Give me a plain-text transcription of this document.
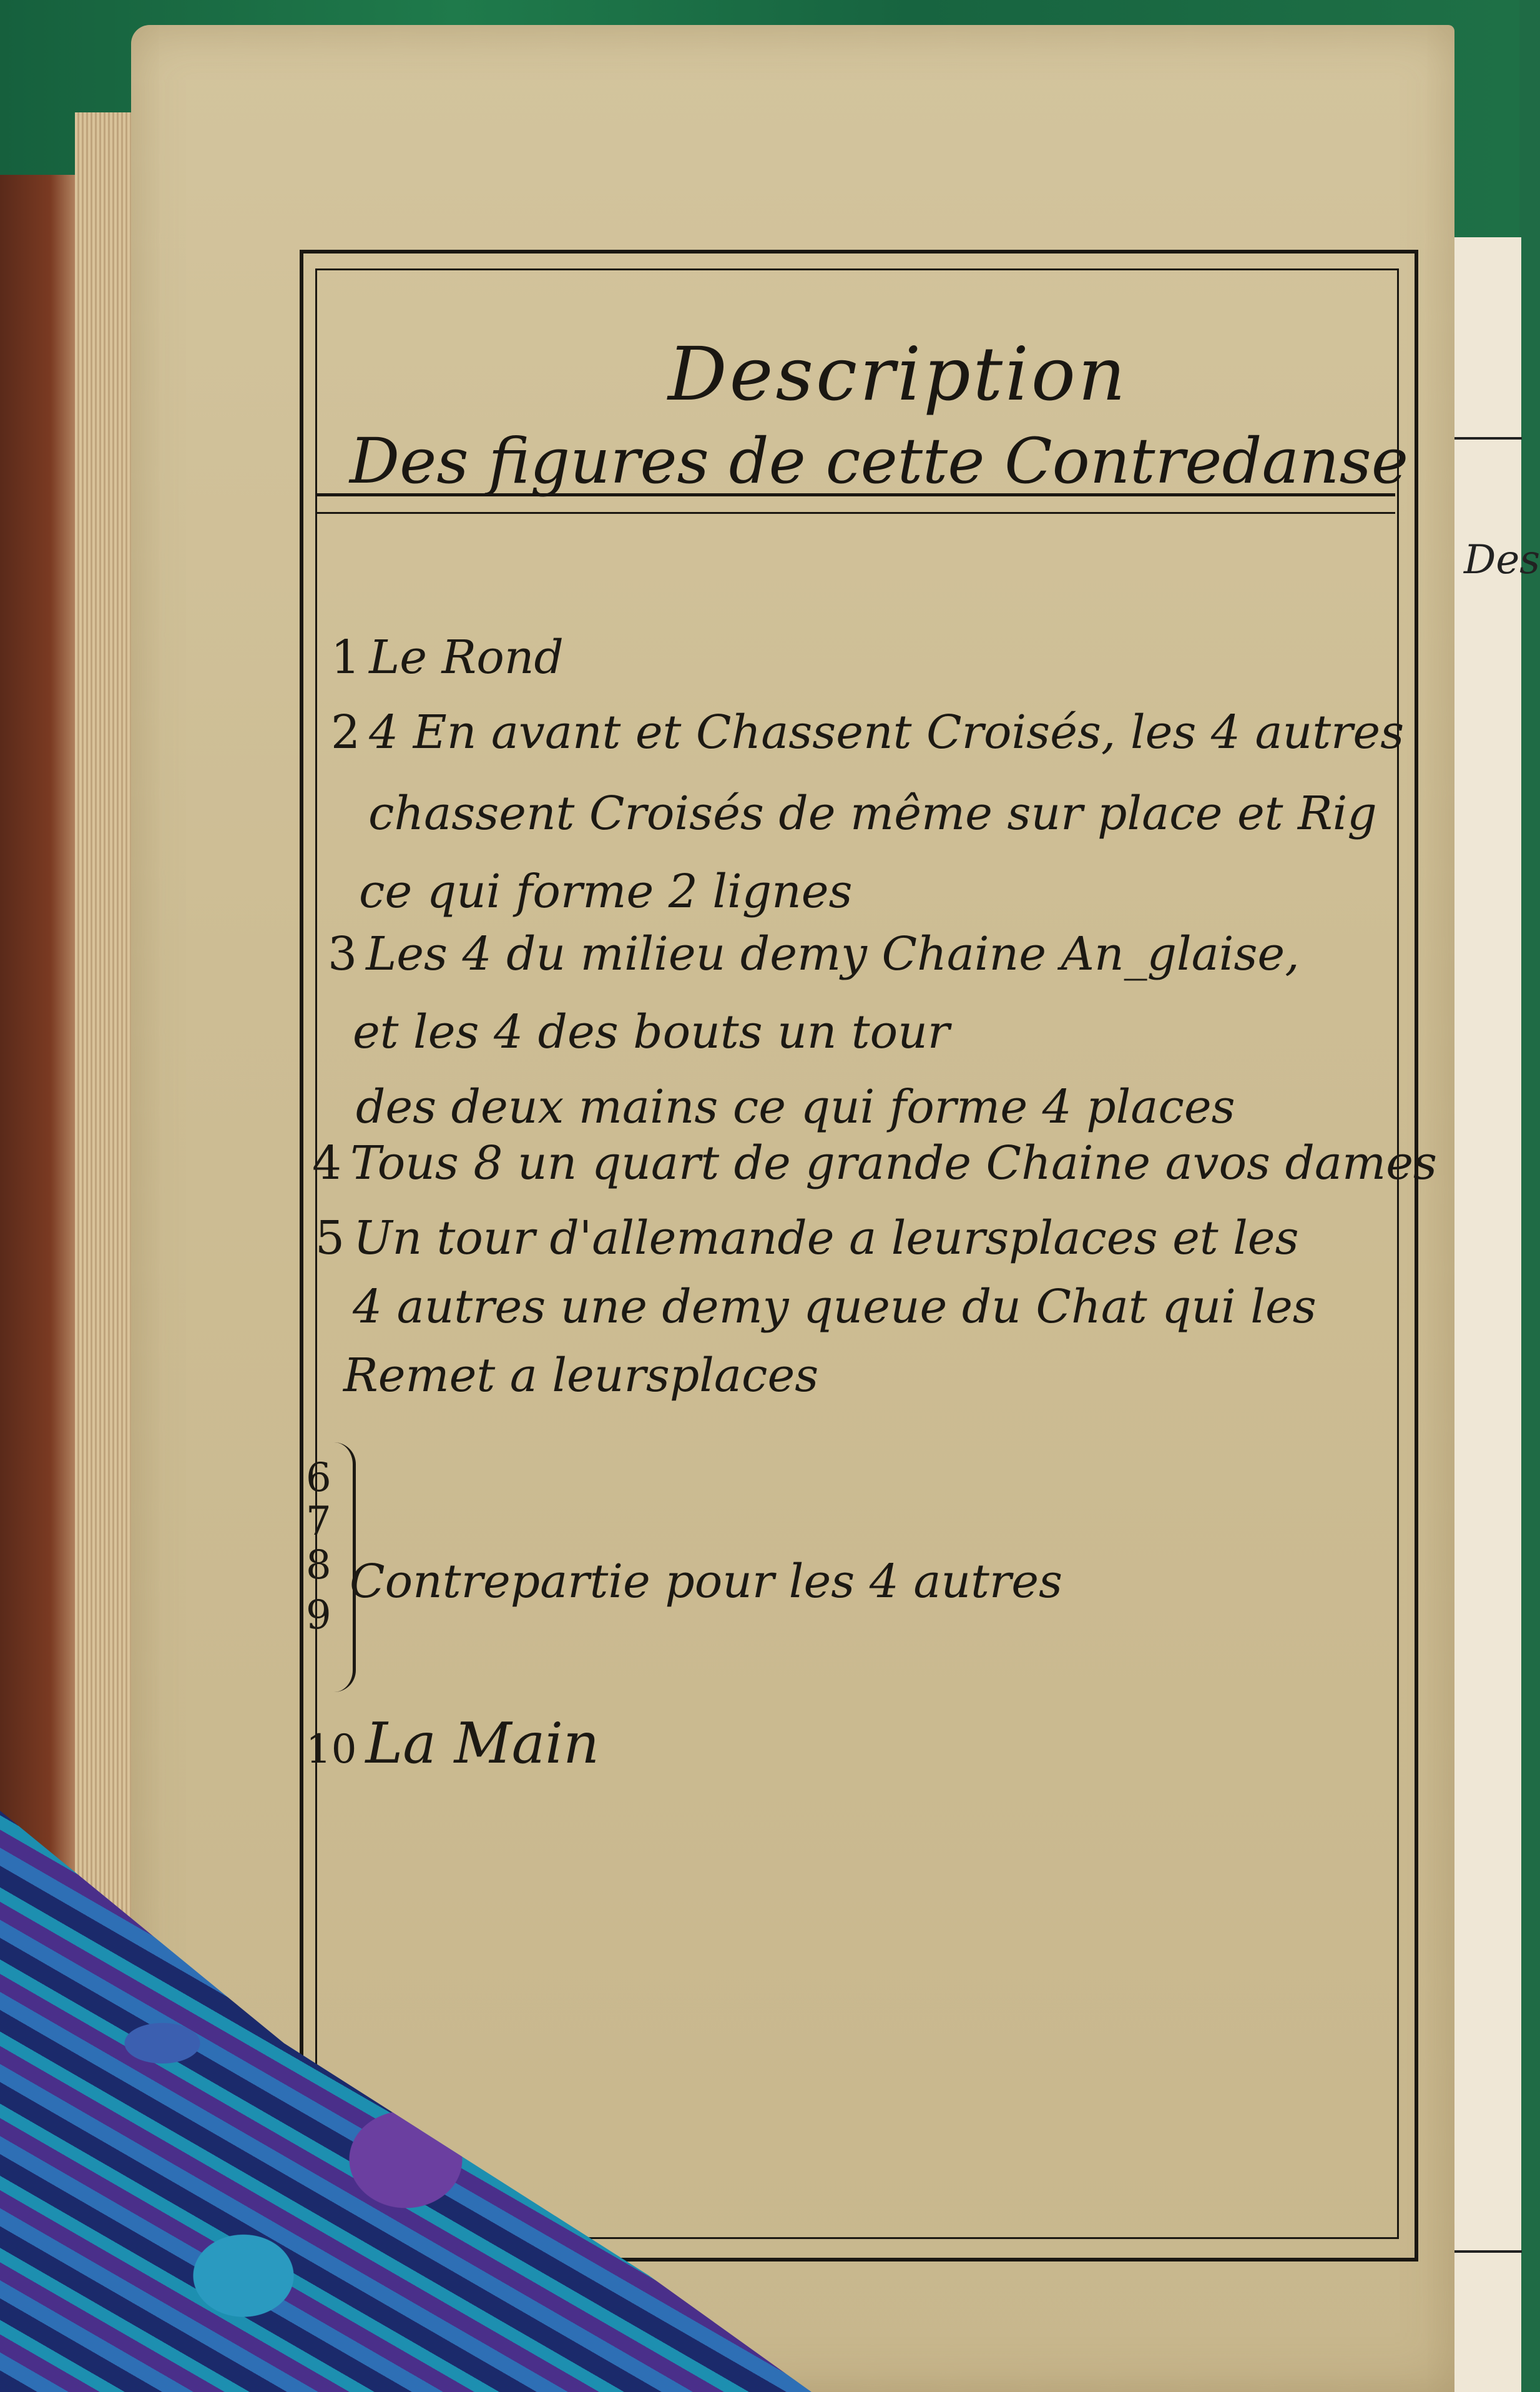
Des
Description
Des figures de cette Contredanse
1 Le Rond
2 4 En avant et Chassent Croisés, les 4 autres
chassent Croisés de même sur place et Rig
ce qui forme 2 lignes
3 Les 4 du milieu demy Chaine An_glaise,
et les 4 des bouts un tour
des deux mains ce qui forme 4 places
4 Tous 8 un quart de grande Chaine avos dames
5 Un tour d'allemande a leursplaces et les
4 autres une demy queue du Chat qui les
Remet a leursplaces
6
7
8
9
Contrepartie pour les 4 autres
10 La Main
